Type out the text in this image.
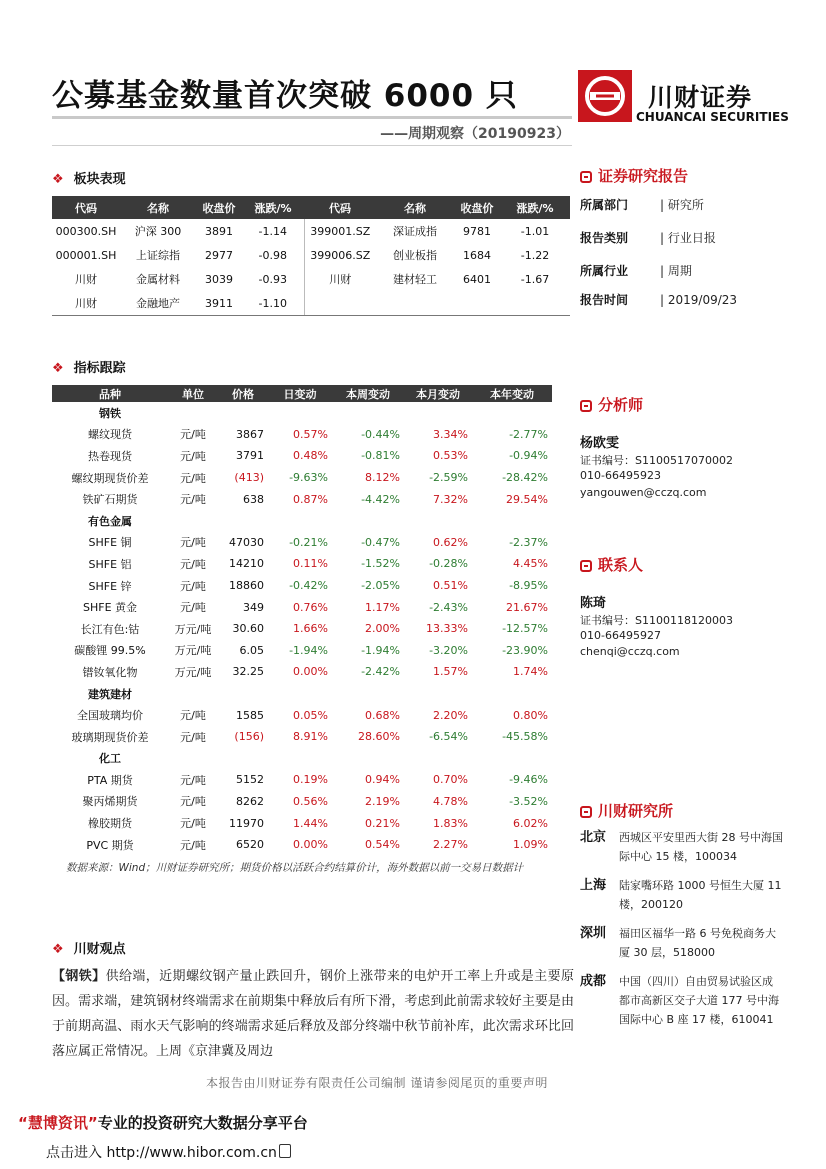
公募基金数量首次突破 6000 只
——周期观察（20190923）
川财证券
CHUANCAI SECURITIES
❖ 板块表现
代码	名称	收盘价	涨跌/%	代码	名称	收盘价	涨跌/%
000300.SH	沪深 300	3891	-1.14	399001.SZ	深证成指	9781	-1.01
000001.SH	上证综指	2977	-0.98	399006.SZ	创业板指	1684	-1.22
川财	金属材料	3039	-0.93	川财	建材轻工	6401	-1.67
川财	金融地产	3911	-1.10				
❖ 指标跟踪
品种	单位	价格	日变动	本周变动	本月变动	本年变动
钢铁						
螺纹现货	元/吨	3867	0.57%	-0.44%	3.34%	-2.77%
热卷现货	元/吨	3791	0.48%	-0.81%	0.53%	-0.94%
螺纹期现货价差	元/吨	(413)	-9.63%	8.12%	-2.59%	-28.42%
铁矿石期货	元/吨	638	0.87%	-4.42%	7.32%	29.54%
有色金属						
SHFE 铜	元/吨	47030	-0.21%	-0.47%	0.62%	-2.37%
SHFE 铝	元/吨	14210	0.11%	-1.52%	-0.28%	4.45%
SHFE 锌	元/吨	18860	-0.42%	-2.05%	0.51%	-8.95%
SHFE 黄金	元/吨	349	0.76%	1.17%	-2.43%	21.67%
长江有色:钴	万元/吨	30.60	1.66%	2.00%	13.33%	-12.57%
碳酸锂 99.5%	万元/吨	6.05	-1.94%	-1.94%	-3.20%	-23.90%
镨钕氧化物	万元/吨	32.25	0.00%	-2.42%	1.57%	1.74%
建筑建材						
全国玻璃均价	元/吨	1585	0.05%	0.68%	2.20%	0.80%
玻璃期现货价差	元/吨	(156)	8.91%	28.60%	-6.54%	-45.58%
化工						
PTA 期货	元/吨	5152	0.19%	0.94%	0.70%	-9.46%
聚丙烯期货	元/吨	8262	0.56%	2.19%	4.78%	-3.52%
橡胶期货	元/吨	11970	1.44%	0.21%	1.83%	6.02%
PVC 期货	元/吨	6520	0.00%	0.54%	2.27%	1.09%
数据来源：Wind；川财证券研究所；期货价格以活跃合约结算价计，海外数据以前一交易日数据计
❖ 川财观点
【钢铁】供给端，近期螺纹钢产量止跌回升，钢价上涨带来的电炉开工率上升或是主要原因。需求端，建筑钢材终端需求在前期集中释放后有所下滑，考虑到此前需求较好主要是由于前期高温、雨水天气影响的终端需求延后释放及部分终端中秋节前补库，此次需求环比回落应属正常情况。上周《京津冀及周边
证券研究报告
所属部门	| 研究所
报告类别	| 行业日报
所属行业	| 周期
报告时间	| 2019/09/23
分析师
杨欧雯
证书编号：S1100517070002
010-66495923
yangouwen@cczq.com
联系人
陈琦
证书编号：S1100118120003
010-66495927
chenqi@cczq.com
川财研究所
北京 西城区平安里西大街 28 号中海国际中心 15 楼，100034
上海 陆家嘴环路 1000 号恒生大厦 11 楼，200120
深圳 福田区福华一路 6 号免税商务大厦 30 层，518000
成都 中国（四川）自由贸易试验区成都市高新区交子大道 177 号中海国际中心 B 座 17 楼，610041
本报告由川财证券有限责任公司编制 谨请参阅尾页的重要声明
“慧博资讯”专业的投资研究大数据分享平台
点击进入 http://www.hibor.com.cn
